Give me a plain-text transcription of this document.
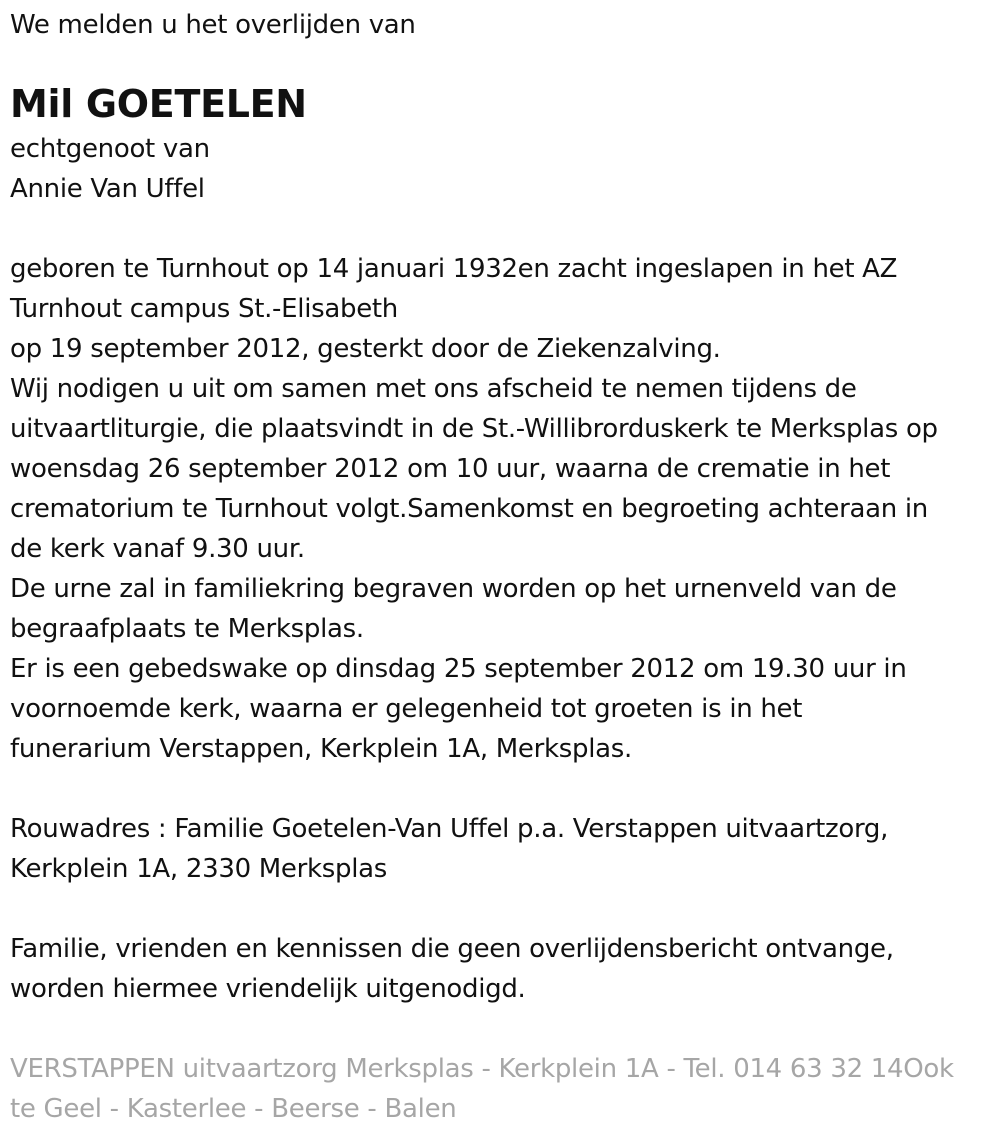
We melden u het overlijden van
Mil GOETELEN
echtgenoot van
Annie Van Uffel
geboren te Turnhout op 14 januari 1932en zacht ingeslapen in het AZ
Turnhout campus St.-Elisabeth
op 19 september 2012, gesterkt door de Ziekenzalving.
Wij nodigen u uit om samen met ons afscheid te nemen tijdens de
uitvaartliturgie, die plaatsvindt in de St.-Willibrorduskerk te Merksplas op
woensdag 26 september 2012 om 10 uur, waarna de crematie in het
crematorium te Turnhout volgt.Samenkomst en begroeting achteraan in
de kerk vanaf 9.30 uur.
De urne zal in familiekring begraven worden op het urnenveld van de
begraafplaats te Merksplas.
Er is een gebedswake op dinsdag 25 september 2012 om 19.30 uur in
voornoemde kerk, waarna er gelegenheid tot groeten is in het
funerarium Verstappen, Kerkplein 1A, Merksplas.
Rouwadres : Familie Goetelen-Van Uffel p.a. Verstappen uitvaartzorg,
Kerkplein 1A, 2330 Merksplas
Familie, vrienden en kennissen die geen overlijdensbericht ontvange,
worden hiermee vriendelijk uitgenodigd.
VERSTAPPEN uitvaartzorg Merksplas - Kerkplein 1A - Tel. 014 63 32 14Ook
te Geel - Kasterlee - Beerse - Balen
